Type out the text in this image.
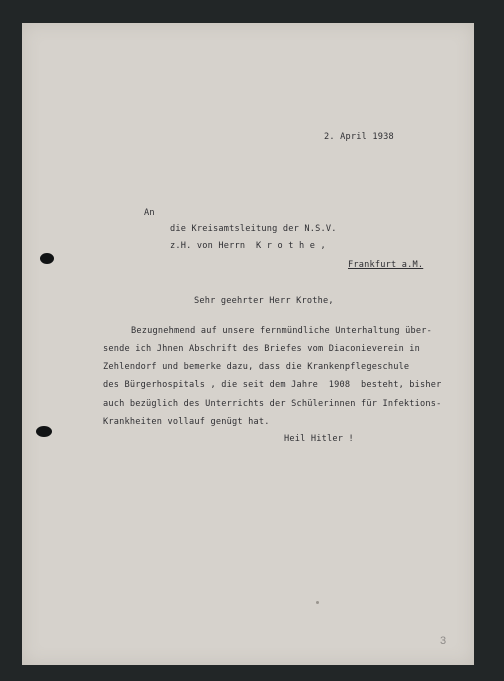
2. April 1938
An
die Kreisamtsleitung der N.S.V.
z.H. von Herrn  K r o t h e ,
Frankfurt a.M.
Sehr geehrter Herr Krothe,
Bezugnehmend auf unsere fernmündliche Unterhaltung über-
sende ich Jhnen Abschrift des Briefes vom Diaconieverein in
Zehlendorf und bemerke dazu, dass die Krankenpflegeschule
des Bürgerhospitals , die seit dem Jahre  1908  besteht, bisher
auch bezüglich des Unterrichts der Schülerinnen für Infektions-
Krankheiten vollauf genügt hat.
Heil Hitler !
3
